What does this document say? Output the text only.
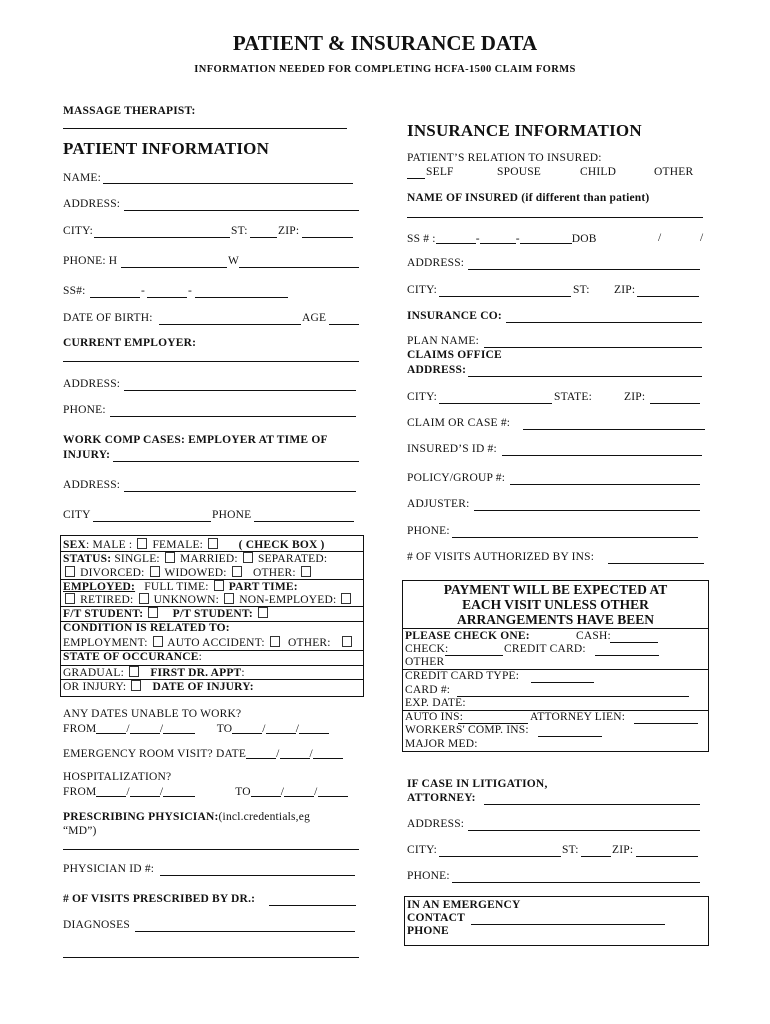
PATIENT & INSURANCE DATA
INFORMATION NEEDED FOR COMPLETING HCFA-1500 CLAIM FORMS
MASSAGE THERAPIST:
PATIENT INFORMATION
NAME:
ADDRESS:
CITY:	ST:	ZIP:
PHONE: H	W
SS#:	-	-
DATE OF BIRTH:	AGE
CURRENT EMPLOYER:
ADDRESS:
PHONE:
WORK COMP CASES: EMPLOYER AT TIME OF
INJURY:
ADDRESS:
CITY	PHONE
SEX: MALE :  FEMALE:	( CHECK BOX )
STATUS: SINGLE:  MARRIED:  SEPARATED:
DIVORCED:  WIDOWED:    OTHER:
EMPLOYED:   FULL TIME:  PART TIME:
RETIRED:  UNKNOWN:  NON-EMPLOYED:
F/T STUDENT:     P/T STUDENT:
CONDITION IS RELATED TO:
EMPLOYMENT:  AUTO ACCIDENT:   OTHER:
STATE OF OCCURANCE:
GRADUAL:    FIRST DR. APPT:
OR INJURY:    DATE OF INJURY:
ANY DATES UNABLE TO WORK?
FROM	/	/	TO	/	/
EMERGENCY ROOM VISIT? DATE	/	/
HOSPITALIZATION?
FROM	/	/	TO	/	/
PRESCRIBING PHYSICIAN:(incl.credentials,eg
“MD”)
PHYSICIAN ID #:
# OF VISITS PRESCRIBED BY DR.:
DIAGNOSES
INSURANCE INFORMATION
PATIENT’S RELATION TO INSURED:
SELF	SPOUSE	CHILD	OTHER
NAME OF INSURED (if different than patient)
SS # :	-	-	DOB	/	/
ADDRESS:
CITY:	ST: ZIP:
INSURANCE CO:
PLAN NAME:
CLAIMS OFFICE
ADDRESS:
CITY:	STATE:	ZIP:
CLAIM OR CASE #:
INSURED’S ID #:
POLICY/GROUP #:
ADJUSTER:
PHONE:
# OF VISITS AUTHORIZED BY INS:
PAYMENT WILL BE EXPECTED AT
EACH VISIT UNLESS OTHER
ARRANGEMENTS HAVE BEEN
PLEASE CHECK ONE:	CASH:
CHECK:	CREDIT CARD:
OTHER
CREDIT CARD TYPE:
CARD #:
EXP. DATE:
AUTO INS:	ATTORNEY LIEN:
WORKERS' COMP. INS:
MAJOR MED:
IF CASE IN LITIGATION,
ATTORNEY:
ADDRESS:
CITY:	ST:	ZIP:
PHONE:
IN AN EMERGENCY
CONTACT
PHONE
